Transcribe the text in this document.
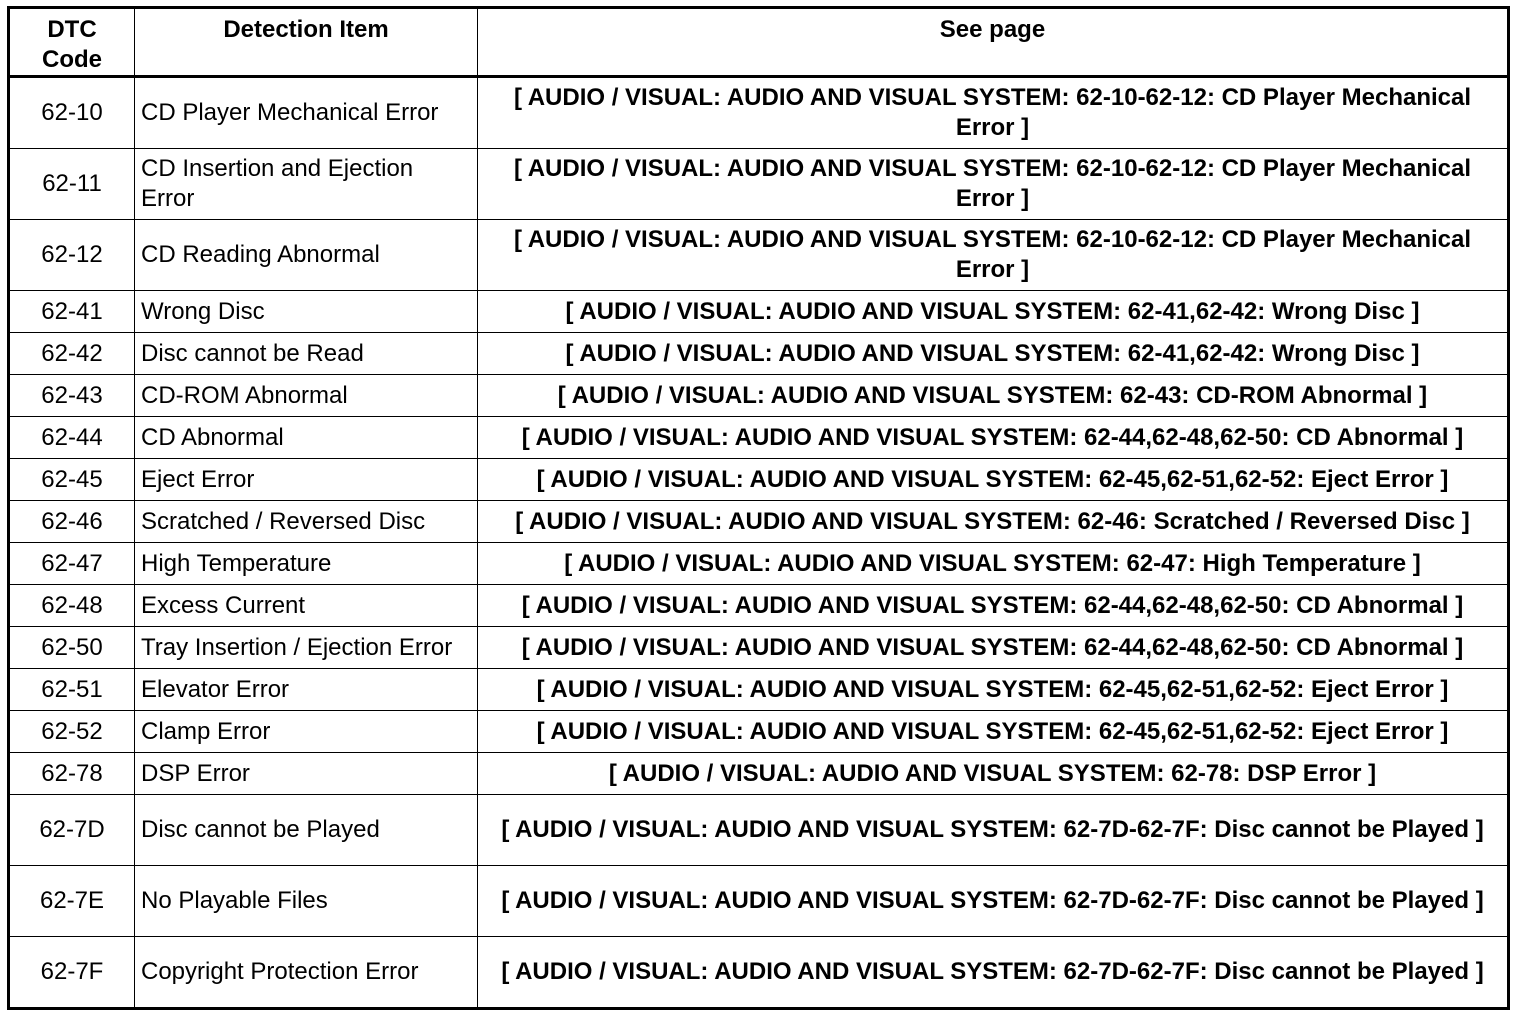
DTC Code	Detection Item	See page
62-10	CD Player Mechanical Error	[ AUDIO / VISUAL: AUDIO AND VISUAL SYSTEM: 62-10-62-12: CD Player Mechanical Error ]
62-11	CD Insertion and Ejection Error	[ AUDIO / VISUAL: AUDIO AND VISUAL SYSTEM: 62-10-62-12: CD Player Mechanical Error ]
62-12	CD Reading Abnormal	[ AUDIO / VISUAL: AUDIO AND VISUAL SYSTEM: 62-10-62-12: CD Player Mechanical Error ]
62-41	Wrong Disc	[ AUDIO / VISUAL: AUDIO AND VISUAL SYSTEM: 62-41,62-42: Wrong Disc ]
62-42	Disc cannot be Read	[ AUDIO / VISUAL: AUDIO AND VISUAL SYSTEM: 62-41,62-42: Wrong Disc ]
62-43	CD-ROM Abnormal	[ AUDIO / VISUAL: AUDIO AND VISUAL SYSTEM: 62-43: CD-ROM Abnormal ]
62-44	CD Abnormal	[ AUDIO / VISUAL: AUDIO AND VISUAL SYSTEM: 62-44,62-48,62-50: CD Abnormal ]
62-45	Eject Error	[ AUDIO / VISUAL: AUDIO AND VISUAL SYSTEM: 62-45,62-51,62-52: Eject Error ]
62-46	Scratched / Reversed Disc	[ AUDIO / VISUAL: AUDIO AND VISUAL SYSTEM: 62-46: Scratched / Reversed Disc ]
62-47	High Temperature	[ AUDIO / VISUAL: AUDIO AND VISUAL SYSTEM: 62-47: High Temperature ]
62-48	Excess Current	[ AUDIO / VISUAL: AUDIO AND VISUAL SYSTEM: 62-44,62-48,62-50: CD Abnormal ]
62-50	Tray Insertion / Ejection Error	[ AUDIO / VISUAL: AUDIO AND VISUAL SYSTEM: 62-44,62-48,62-50: CD Abnormal ]
62-51	Elevator Error	[ AUDIO / VISUAL: AUDIO AND VISUAL SYSTEM: 62-45,62-51,62-52: Eject Error ]
62-52	Clamp Error	[ AUDIO / VISUAL: AUDIO AND VISUAL SYSTEM: 62-45,62-51,62-52: Eject Error ]
62-78	DSP Error	[ AUDIO / VISUAL: AUDIO AND VISUAL SYSTEM: 62-78: DSP Error ]
62-7D	Disc cannot be Played	[ AUDIO / VISUAL: AUDIO AND VISUAL SYSTEM: 62-7D-62-7F: Disc cannot be Played ]
62-7E	No Playable Files	[ AUDIO / VISUAL: AUDIO AND VISUAL SYSTEM: 62-7D-62-7F: Disc cannot be Played ]
62-7F	Copyright Protection Error	[ AUDIO / VISUAL: AUDIO AND VISUAL SYSTEM: 62-7D-62-7F: Disc cannot be Played ]
